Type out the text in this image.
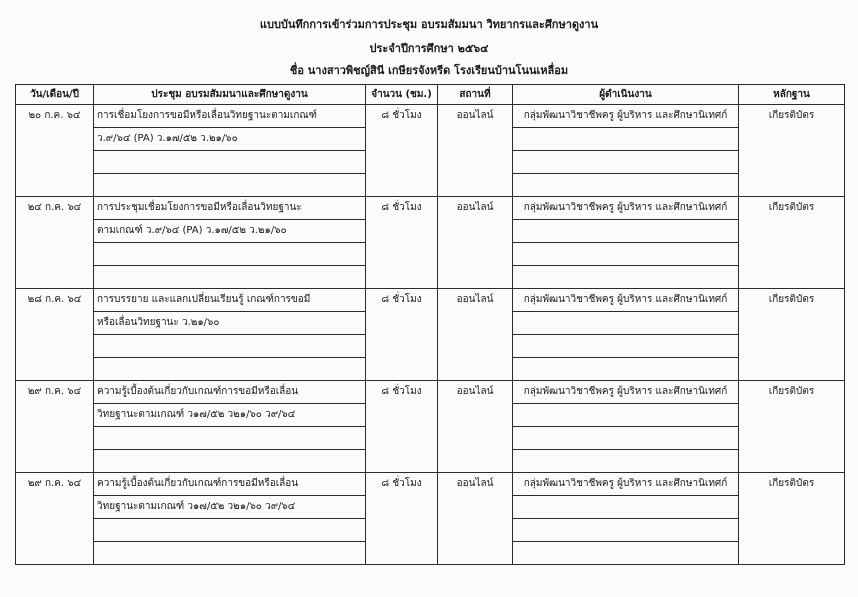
แบบบันทึกการเข้าร่วมการประชุม อบรมสัมมนา วิทยากรและศึกษาดูงาน
ประจำปีการศึกษา ๒๕๖๔
ชื่อ นางสาวพิชญ์สินี เกษียรจังหรีด โรงเรียนบ้านโนนเหลื่อม
วัน/เดือน/ปี	ประชุม อบรมสัมมนาและศึกษาดูงาน	จำนวน (ชม.)	สถานที่	ผู้ดำเนินงาน	หลักฐาน
๒๐ ก.ค. ๖๔	การเชื่อมโยงการขอมีหรือเลื่อนวิทยฐานะตามเกณฑ์	๘ ชั่วโมง	ออนไลน์	กลุ่มพัฒนาวิชาชีพครู ผู้บริหาร และศึกษานิเทศก์	เกียรติบัตร
	ว.๙/๖๔ (PA) ว.๑๗/๕๒ ว.๒๑/๖๐				

๒๔ ก.ค. ๖๔	การประชุมเชื่อมโยงการขอมีหรือเลื่อนวิทยฐานะ	๘ ชั่วโมง	ออนไลน์	กลุ่มพัฒนาวิชาชีพครู ผู้บริหาร และศึกษานิเทศก์	เกียรติบัตร
	ตามเกณฑ์ ว.๙/๖๔ (PA) ว.๑๗/๕๒ ว.๒๑/๖๐				

๒๘ ก.ค. ๖๔	การบรรยาย และแลกเปลี่ยนเรียนรู้ เกณฑ์การขอมี	๘ ชั่วโมง	ออนไลน์	กลุ่มพัฒนาวิชาชีพครู ผู้บริหาร และศึกษานิเทศก์	เกียรติบัตร
	หรือเลื่อนวิทยฐานะ ว.๒๑/๖๐				

๒๙ ก.ค. ๖๔	ความรู้เบื้องต้นเกี่ยวกับเกณฑ์การขอมีหรือเลื่อน	๘ ชั่วโมง	ออนไลน์	กลุ่มพัฒนาวิชาชีพครู ผู้บริหาร และศึกษานิเทศก์	เกียรติบัตร
	วิทยฐานะตามเกณฑ์ ว๑๗/๕๒ ว๒๑/๖๐ ว๙/๖๔				

๒๙ ก.ค. ๖๔	ความรู้เบื้องต้นเกี่ยวกับเกณฑ์การขอมีหรือเลื่อน	๘ ชั่วโมง	ออนไลน์	กลุ่มพัฒนาวิชาชีพครู ผู้บริหาร และศึกษานิเทศก์	เกียรติบัตร
	วิทยฐานะตามเกณฑ์ ว๑๗/๕๒ ว๒๑/๖๐ ว๙/๖๔				
